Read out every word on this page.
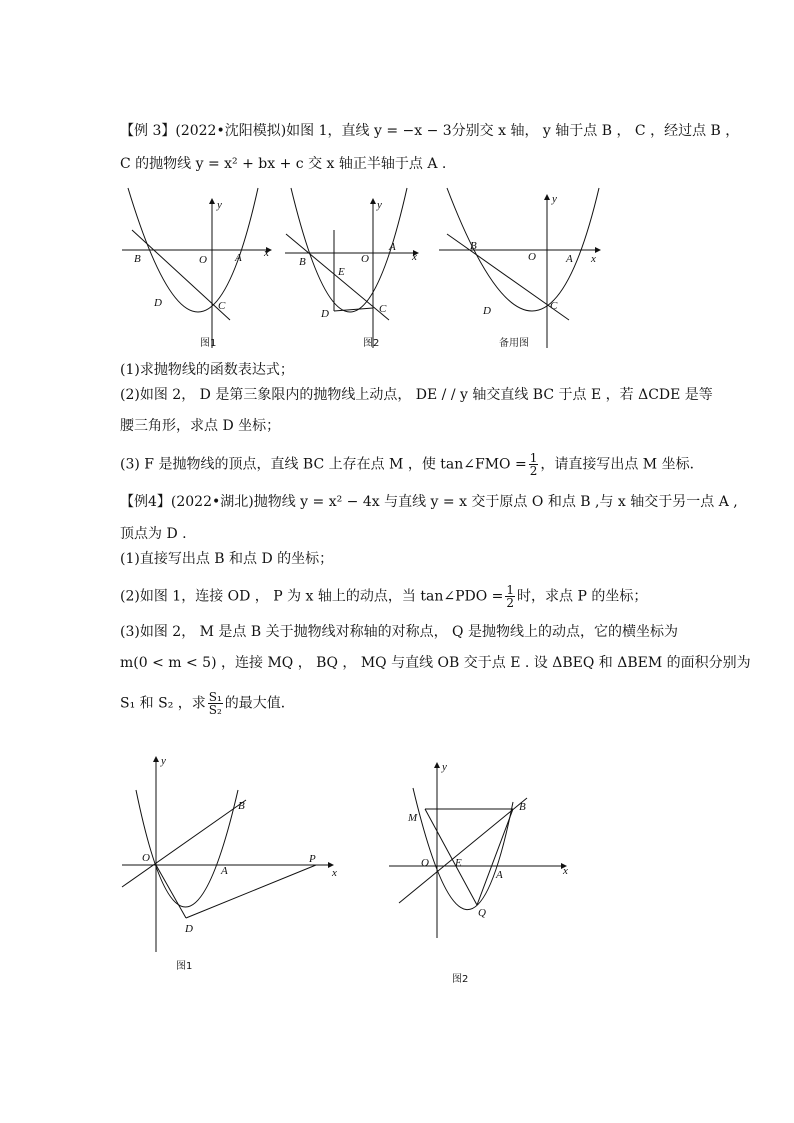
【例 3】(2022•沈阳模拟)如图 1，直线 y = −x − 3分别交 x 轴， y 轴于点 B ， C ，经过点 B ，
C 的抛物线 y = x² + bx + c 交 x 轴正半轴于点 A .
y
x
B	O	A
D	C
图1
y
x
A
B	O
E
D	C
图2
y
x
B
O	A
D	C
备用图
(1)求抛物线的函数表达式；
(2)如图 2， D 是第三象限内的抛物线上动点， DE / / y 轴交直线 BC 于点 E ，若 ΔCDE 是等
腰三角形，求点 D 坐标；
(3) F 是抛物线的顶点，直线 BC 上存在点 M ，使 tan∠FMO = $\frac{1}{2}$ ，请直接写出点 M 坐标．
【例4】(2022•湖北)抛物线 y = x² − 4x 与直线 y = x 交于原点 O 和点 B ,与 x 轴交于另一点 A ,
顶点为 D .
(1)直接写出点 B 和点 D 的坐标；
(2)如图 1，连接 OD ， P 为 x 轴上的动点，当 tan∠PDO = $\frac{1}{2}$ 时，求点 P 的坐标；
(3)如图 2， M 是点 B 关于抛物线对称轴的对称点， Q 是抛物线上的动点，它的横坐标为
m(0 < m < 5) ，连接 MQ ， BQ ， MQ 与直线 OB 交于点 E . 设 ΔBEQ 和 ΔBEM 的面积分别为
S₁ 和 S₂ ，求 $\frac{\text{S₁}}{\text{S₂}}$ 的最大值．
y
x
B
O
A
P
D
图1
y
x
M
B
O E
A
Q
图2
